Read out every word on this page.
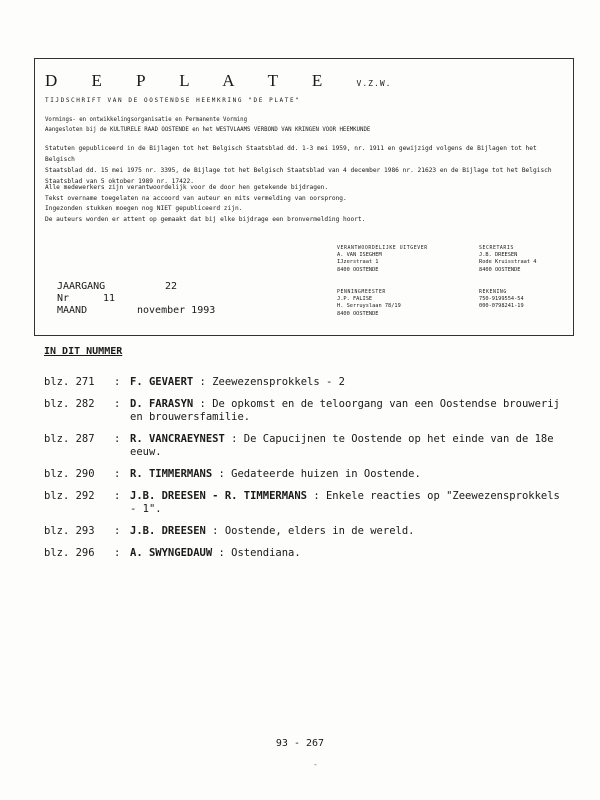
D E P L A T E V.Z.W.
TIJDSCHRIFT VAN DE OOSTENDSE HEEMKRING "DE PLATE"
Vormings- en ontwikkelingsorganisatie en Permanente Vorming
Aangesloten bij de KULTURELE RAAD OOSTENDE en het WESTVLAAMS VERBOND VAN KRINGEN VOOR HEEMKUNDE
Statuten gepubliceerd in de Bijlagen tot het Belgisch Staatsblad dd. 1-3 mei 1959, nr. 1911 en gewijzigd volgens de Bijlagen tot het Belgisch
Staatsblad dd. 15 mei 1975 nr. 3395, de Bijlage tot het Belgisch Staatsblad van 4 december 1986 nr. 21623 en de Bijlage tot het Belgisch
Staatsblad van 5 oktober 1989 nr. 17422.
Alle medewerkers zijn verantwoordelijk voor de door hen getekende bijdragen.
Tekst overname toegelaten na accoord van auteur en mits vermelding van oorsprong.
Ingezonden stukken moegen nog NIET gepubliceerd zijn.
De auteurs worden er attent op gemaakt dat bij elke bijdrage een bronvermelding hoort.
VERANTWOORDELIJKE UITGEVER
A. VAN ISEGHEM
IJzerstraat 1
8400 OOSTENDE
SECRETARIS
J.B. DREESEN
Rode Kruisstraat 4
8400 OOSTENDE
PENNINGMEESTER
J.P. FALISE
H. Serruyslaan 78/19
8400 OOSTENDE
REKENING
750-9199554-54
000-0798241-19
JAARGANG	22
Nr	11
MAAND	november 1993
IN DIT NUMMER
blz. 271	: F. GEVAERT : Zeewezensprokkels - 2
blz. 282	: D. FARASYN : De opkomst en de teloorgang van een Oostendse brouwerij en brouwersfamilie.
blz. 287	: R. VANCRAEYNEST : De Capucijnen te Oostende op het einde van de 18e eeuw.
blz. 290	: R. TIMMERMANS : Gedateerde huizen in Oostende.
blz. 292	: J.B. DREESEN - R. TIMMERMANS : Enkele reacties op "Zeewezensprokkels - 1".
blz. 293	: J.B. DREESEN : Oostende, elders in de wereld.
blz. 296	: A. SWYNGEDAUW : Ostendiana.
93 - 267
-
